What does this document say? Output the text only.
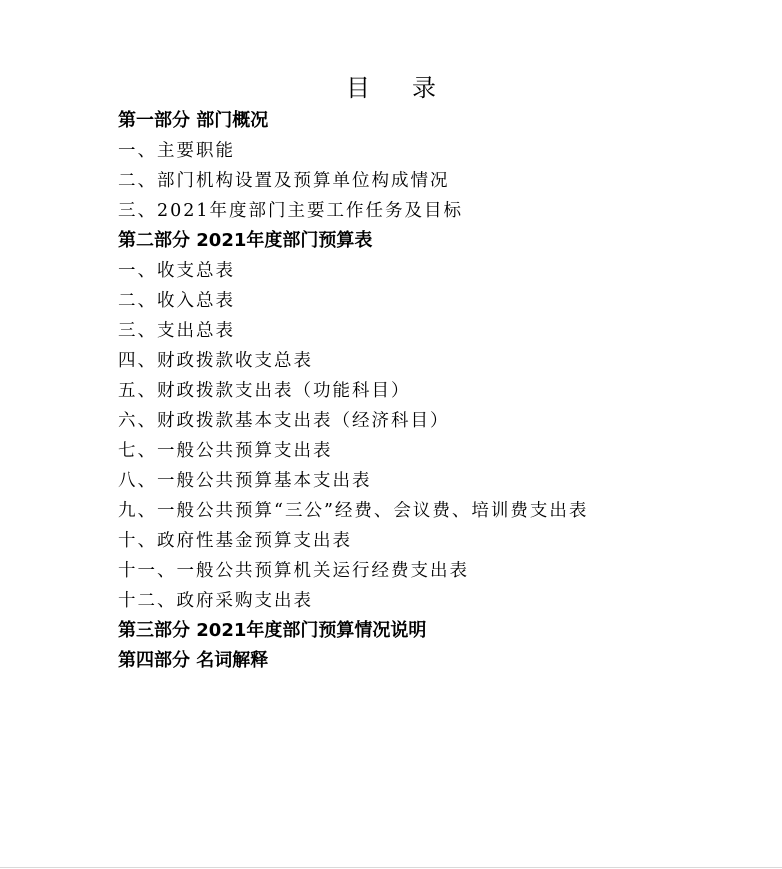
目录
第一部分 部门概况
一、主要职能
二、部门机构设置及预算单位构成情况
三、2021年度部门主要工作任务及目标
第二部分 2021年度部门预算表
一、收支总表
二、收入总表
三、支出总表
四、财政拨款收支总表
五、财政拨款支出表（功能科目）
六、财政拨款基本支出表（经济科目）
七、一般公共预算支出表
八、一般公共预算基本支出表
九、一般公共预算“三公”经费、会议费、培训费支出表
十、政府性基金预算支出表
十一、一般公共预算机关运行经费支出表
十二、政府采购支出表
第三部分 2021年度部门预算情况说明
第四部分 名词解释
